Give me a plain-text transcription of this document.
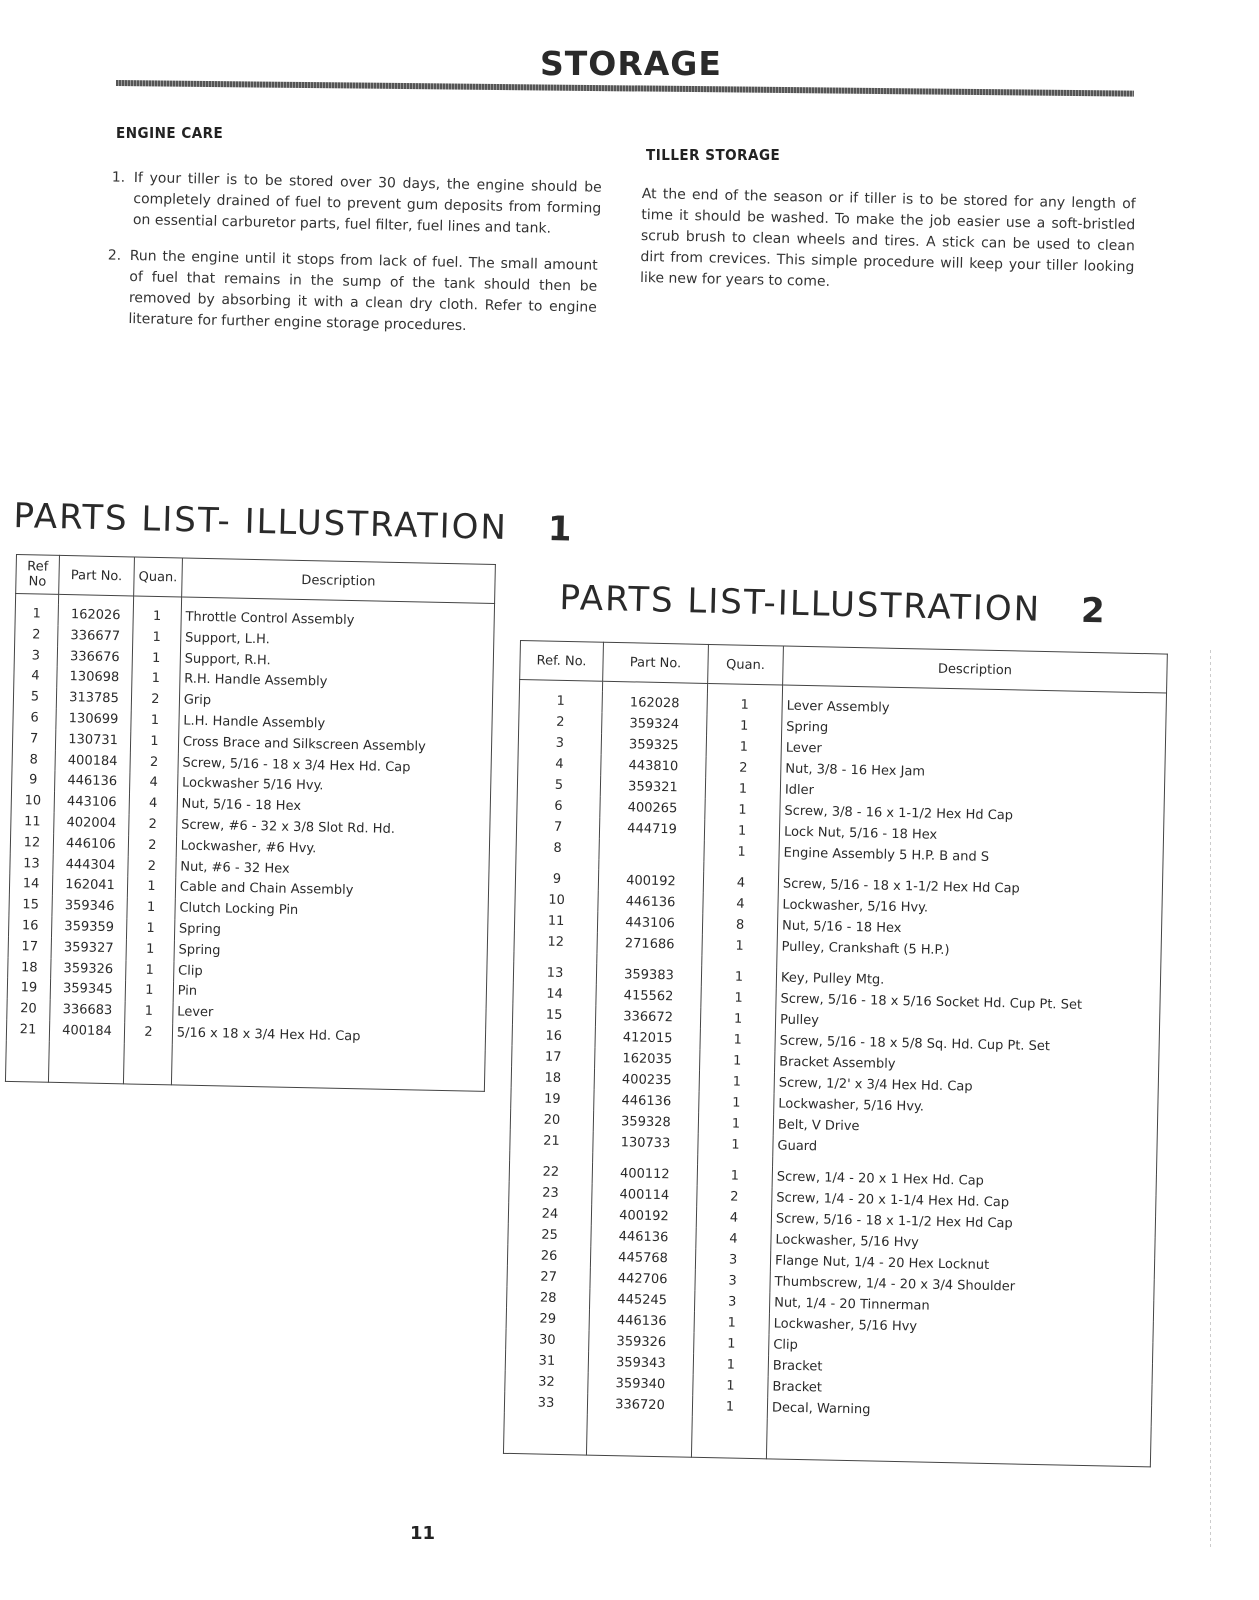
STORAGE
ENGINE CARE
1. If your tiller is to be stored over 30 days, the engine should be completely drained of fuel to prevent gum deposits from forming on essential carburetor parts, fuel filter, fuel lines and tank.
2. Run the engine until it stops from lack of fuel. The small amount of fuel that remains in the sump of the tank should then be removed by absorbing it with a clean dry cloth. Refer to engine literature for further engine storage procedures.
TILLER STORAGE
At the end of the season or if tiller is to be stored for any length of time it should be washed. To make the job easier use a soft-bristled scrub brush to clean wheels and tires. A stick can be used to clean dirt from crevices. This simple procedure will keep your tiller looking like new for years to come.
PARTS LIST- ILLUSTRATION 1
Ref No	Part No.	Quan.	Description

1	162026	1	Throttle Control Assembly
2	336677	1	Support, L.H.
3	336676	1	Support, R.H.
4	130698	1	R.H. Handle Assembly
5	313785	2	Grip
6	130699	1	L.H. Handle Assembly
7	130731	1	Cross Brace and Silkscreen Assembly
8	400184	2	Screw, 5/16 - 18 x 3/4 Hex Hd. Cap
9	446136	4	Lockwasher 5/16 Hvy.
10	443106	4	Nut, 5/16 - 18 Hex
11	402004	2	Screw, #6 - 32 x 3/8 Slot Rd. Hd.
12	446106	2	Lockwasher, #6 Hvy.
13	444304	2	Nut, #6 - 32 Hex
14	162041	1	Cable and Chain Assembly
15	359346	1	Clutch Locking Pin
16	359359	1	Spring
17	359327	1	Spring
18	359326	1	Clip
19	359345	1	Pin
20	336683	1	Lever
21	400184	2	5/16 x 18 x 3/4 Hex Hd. Cap

PARTS LIST-ILLUSTRATION 2
Ref. No.	Part No.	Quan.	Description

1	162028	1	Lever Assembly
2	359324	1	Spring
3	359325	1	Lever
4	443810	2	Nut, 3/8 - 16 Hex Jam
5	359321	1	Idler
6	400265	1	Screw, 3/8 - 16 x 1-1/2 Hex Hd Cap
7	444719	1	Lock Nut, 5/16 - 18 Hex
8		1	Engine Assembly 5 H.P. B and S

9	400192	4	Screw, 5/16 - 18 x 1-1/2 Hex Hd Cap
10	446136	4	Lockwasher, 5/16 Hvy.
11	443106	8	Nut, 5/16 - 18 Hex
12	271686	1	Pulley, Crankshaft (5 H.P.)

13	359383	1	Key, Pulley Mtg.
14	415562	1	Screw, 5/16 - 18 x 5/16 Socket Hd. Cup Pt. Set
15	336672	1	Pulley
16	412015	1	Screw, 5/16 - 18 x 5/8 Sq. Hd. Cup Pt. Set
17	162035	1	Bracket Assembly
18	400235	1	Screw, 1/2' x 3/4 Hex Hd. Cap
19	446136	1	Lockwasher, 5/16 Hvy.
20	359328	1	Belt, V Drive
21	130733	1	Guard

22	400112	1	Screw, 1/4 - 20 x 1 Hex Hd. Cap
23	400114	2	Screw, 1/4 - 20 x 1-1/4 Hex Hd. Cap
24	400192	4	Screw, 5/16 - 18 x 1-1/2 Hex Hd Cap
25	446136	4	Lockwasher, 5/16 Hvy
26	445768	3	Flange Nut, 1/4 - 20 Hex Locknut
27	442706	3	Thumbscrew, 1/4 - 20 x 3/4 Shoulder
28	445245	3	Nut, 1/4 - 20 Tinnerman
29	446136	1	Lockwasher, 5/16 Hvy
30	359326	1	Clip
31	359343	1	Bracket
32	359340	1	Bracket
33	336720	1	Decal, Warning

11
